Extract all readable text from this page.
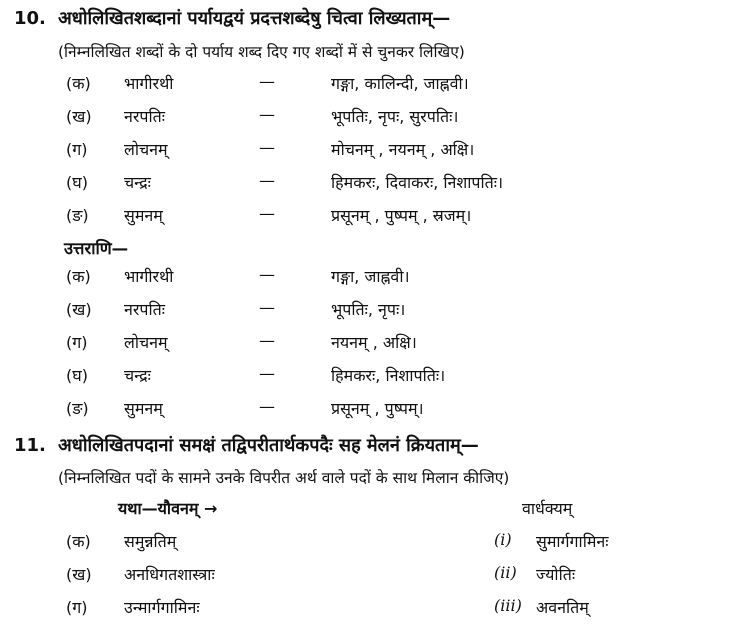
10. अधोलिखितशब्दानां पर्यायद्वयं प्रदत्तशब्देषु चित्वा लिख्यताम्—
(निम्नलिखित शब्दों के दो पर्याय शब्द दिए गए शब्दों में से चुनकर लिखिए)
(क) भागीरथी	—	गङ्गा, कालिन्दी, जाह्नवी।
(ख) नरपतिः	—	भूपतिः, नृपः, सुरपतिः।
(ग) लोचनम्	—	मोचनम् , नयनम् , अक्षि।
(घ) चन्द्रः	—	हिमकरः, दिवाकरः, निशापतिः।
(ङ) सुमनम्	—	प्रसूनम् , पुष्पम् , स्रजम्।
उत्तराणि—
(क) भागीरथी	—	गङ्गा, जाह्नवी।
(ख) नरपतिः	—	भूपतिः, नृपः।
(ग) लोचनम्	—	नयनम् , अक्षि।
(घ) चन्द्रः	—	हिमकरः, निशापतिः।
(ङ) सुमनम्	—	प्रसूनम् , पुष्पम्।
11. अधोलिखितपदानां समक्षं तद्विपरीतार्थकपदैः सह मेलनं क्रियताम्—
(निम्नलिखित पदों के सामने उनके विपरीत अर्थ वाले पदों के साथ मिलान कीजिए)
यथा—यौवनम् →	वार्धक्यम्
(क) समुन्नतिम्	(i) सुमार्गगामिनः
(ख) अनधिगतशास्त्राः	(ii) ज्योतिः
(ग) उन्मार्गगामिनः	(iii) अवनतिम्
